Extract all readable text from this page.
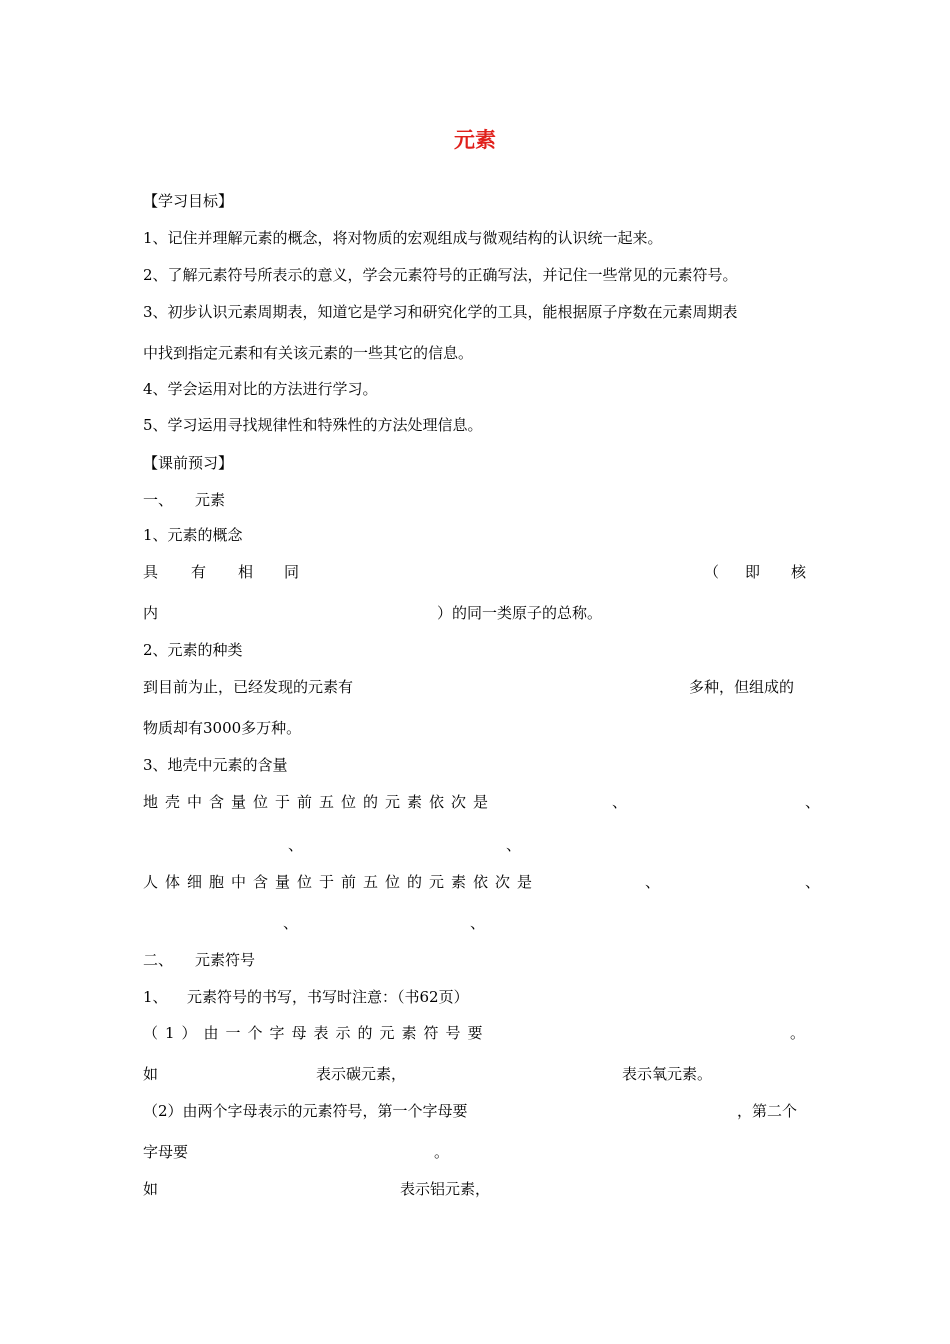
元素
【学习目标】
1、记住并理解元素的概念，将对物质的宏观组成与微观结构的认识统一起来。
2、了解元素符号所表示的意义，学会元素符号的正确写法，并记住一些常见的元素符号。
3、初步认识元素周期表，知道它是学习和研究化学的工具，能根据原子序数在元素周期表
中找到指定元素和有关该元素的一些其它的信息。
4、学会运用对比的方法进行学习。
5、学习运用寻找规律性和特殊性的方法处理信息。
【课前预习】
一、 元素
1、元素的概念
具 有 相 同	（ 即 核
内	）的同一类原子的总称。
2、元素的种类
到目前为止，已经发现的元素有	多种，但组成的
物质却有3000多万种。
3、地壳中元素的含量
地壳中含量位于前五位的元素依次是	、	、
、	、
人体细胞中含量位于前五位的元素依次是	、	、
、	、
二、 元素符号
1、 元素符号的书写，书写时注意：（书62页）
（1）由一个字母表示的元素符号要	。
如	表示碳元素，	表示氧元素。
（2）由两个字母表示的元素符号，第一个字母要	，第二个
字母要	。
如	表示铝元素，
